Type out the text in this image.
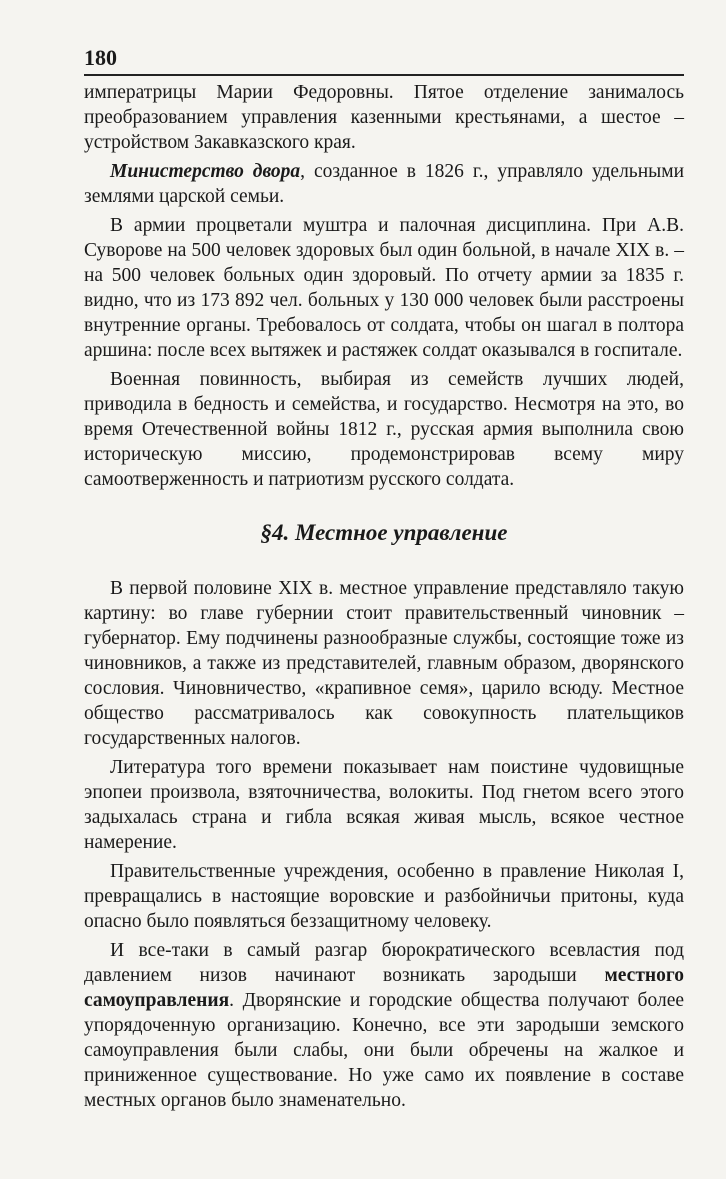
180

императрицы Марии Федоровны. Пятое отделение занималось преобразованием управления казенными крестьянами, а шестое – устройством Закавказского края.

Министерство двора, созданное в 1826 г., управляло удельными землями царской семьи.

В армии процветали муштра и палочная дисциплина. При А.В. Суворове на 500 человек здоровых был один больной, в начале XIX в. – на 500 человек больных один здоровый. По отчету армии за 1835 г. видно, что из 173 892 чел. больных у 130 000 человек были расстроены внутренние органы. Требовалось от солдата, чтобы он шагал в полтора аршина: после всех вытяжек и растяжек солдат оказывался в госпитале.

Военная повинность, выбирая из семейств лучших людей, приводила в бедность и семейства, и государство. Несмотря на это, во время Отечественной войны 1812 г., русская армия выполнила свою историческую миссию, продемонстрировав всему миру самоотверженность и патриотизм русского солдата.

§4. Местное управление

В первой половине XIX в. местное управление представляло такую картину: во главе губернии стоит правительственный чиновник – губернатор. Ему подчинены разнообразные службы, состоящие тоже из чиновников, а также из представителей, главным образом, дворянского сословия. Чиновничество, «крапивное семя», царило всюду. Местное общество рассматривалось как совокупность плательщиков государственных налогов.

Литература того времени показывает нам поистине чудовищные эпопеи произвола, взяточничества, волокиты. Под гнетом всего этого задыхалась страна и гибла всякая живая мысль, всякое честное намерение.

Правительственные учреждения, особенно в правление Николая I, превращались в настоящие воровские и разбойничьи притоны, куда опасно было появляться беззащитному человеку.

И все-таки в самый разгар бюрократического всевластия под давлением низов начинают возникать зародыши местного самоуправления. Дворянские и городские общества получают более упорядоченную организацию. Конечно, все эти зародыши земского самоуправления были слабы, они были обречены на жалкое и приниженное существование. Но уже само их появление в составе местных органов было знаменательно.
